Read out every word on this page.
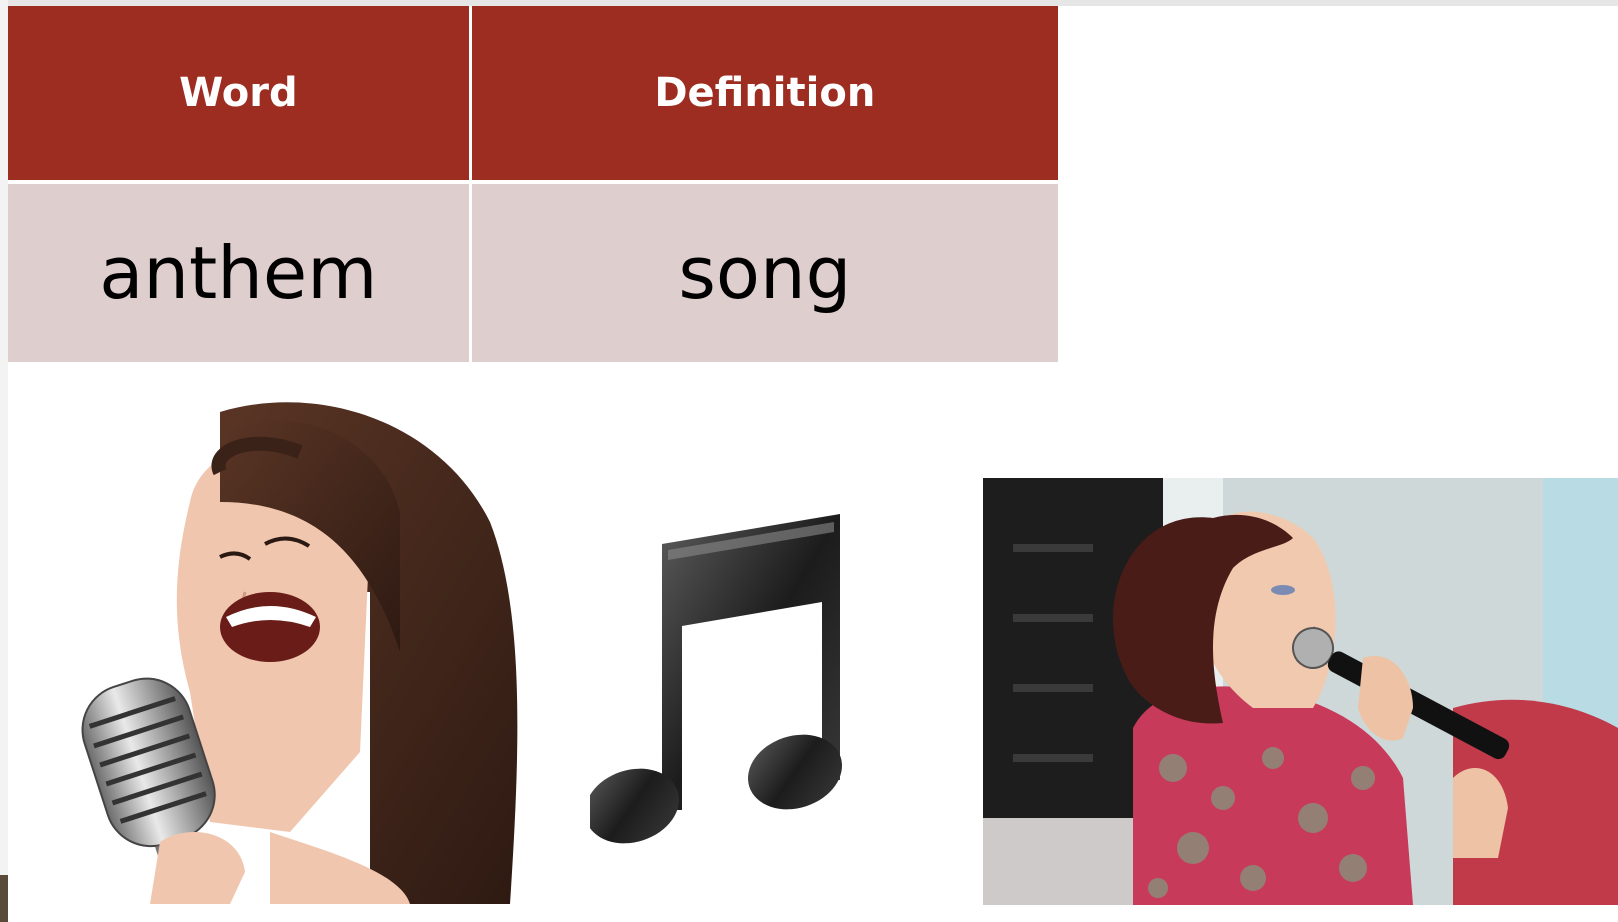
Word	Definition
anthem	song
